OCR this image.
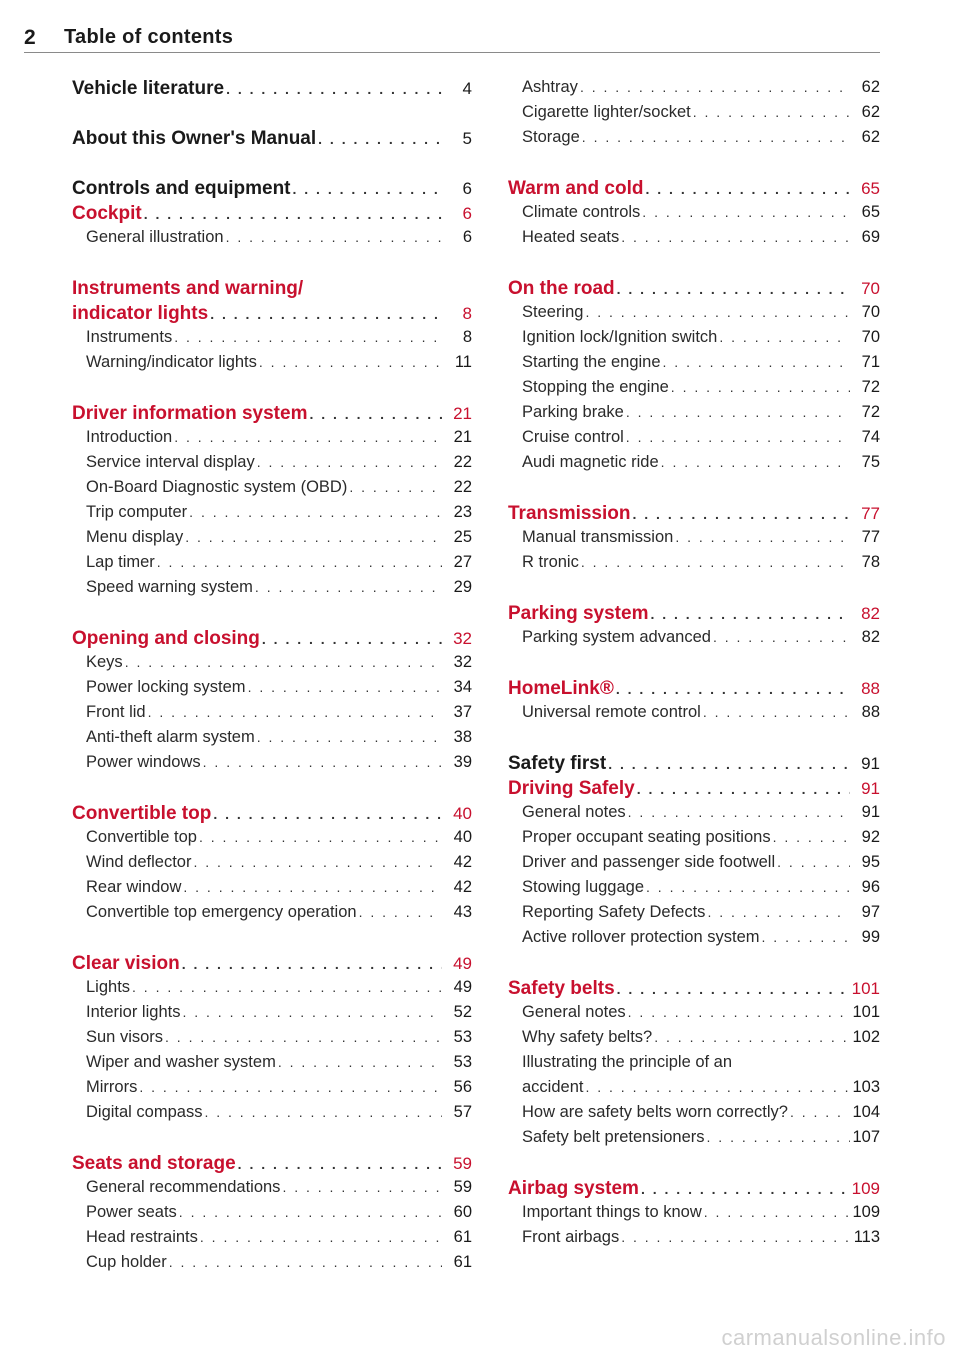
2	Table of contents
Vehicle literature . . .	4
About this Owner's Manual . . .	5
Controls and equipment . . .	6
Cockpit . . .	6
General illustration . . .	6
Instruments and warning/
indicator lights . . .	8
Instruments . . .	8
Warning/indicator lights . . .	11
Driver information system . . .	21
Introduction . . .	21
Service interval display . . .	22
On-Board Diagnostic system (OBD) . . .	22
Trip computer . . .	23
Menu display . . .	25
Lap timer . . .	27
Speed warning system . . .	29
Opening and closing . . .	32
Keys . . .	32
Power locking system . . .	34
Front lid . . .	37
Anti-theft alarm system . . .	38
Power windows . . .	39
Convertible top . . .	40
Convertible top . . .	40
Wind deflector . . .	42
Rear window . . .	42
Convertible top emergency operation . . .	43
Clear vision . . .	49
Lights . . .	49
Interior lights . . .	52
Sun visors . . .	53
Wiper and washer system . . .	53
Mirrors . . .	56
Digital compass . . .	57
Seats and storage . . .	59
General recommendations . . .	59
Power seats . . .	60
Head restraints . . .	61
Cup holder . . .	61
Ashtray . . .	62
Cigarette lighter/socket . . .	62
Storage . . .	62
Warm and cold . . .	65
Climate controls . . .	65
Heated seats . . .	69
On the road . . .	70
Steering . . .	70
Ignition lock/Ignition switch . . .	70
Starting the engine . . .	71
Stopping the engine . . .	72
Parking brake . . .	72
Cruise control . . .	74
Audi magnetic ride . . .	75
Transmission . . .	77
Manual transmission . . .	77
R tronic . . .	78
Parking system . . .	82
Parking system advanced . . .	82
HomeLink® . . .	88
Universal remote control . . .	88
Safety first . . .	91
Driving Safely . . .	91
General notes . . .	91
Proper occupant seating positions . . .	92
Driver and passenger side footwell . . .	95
Stowing luggage . . .	96
Reporting Safety Defects . . .	97
Active rollover protection system . . .	99
Safety belts . . .	101
General notes . . .	101
Why safety belts? . . .	102
Illustrating the principle of an
accident . . .	103
How are safety belts worn correctly? . . .	104
Safety belt pretensioners . . .	107
Airbag system . . .	109
Important things to know . . .	109
Front airbags . . .	113
carmanualsonline.info
